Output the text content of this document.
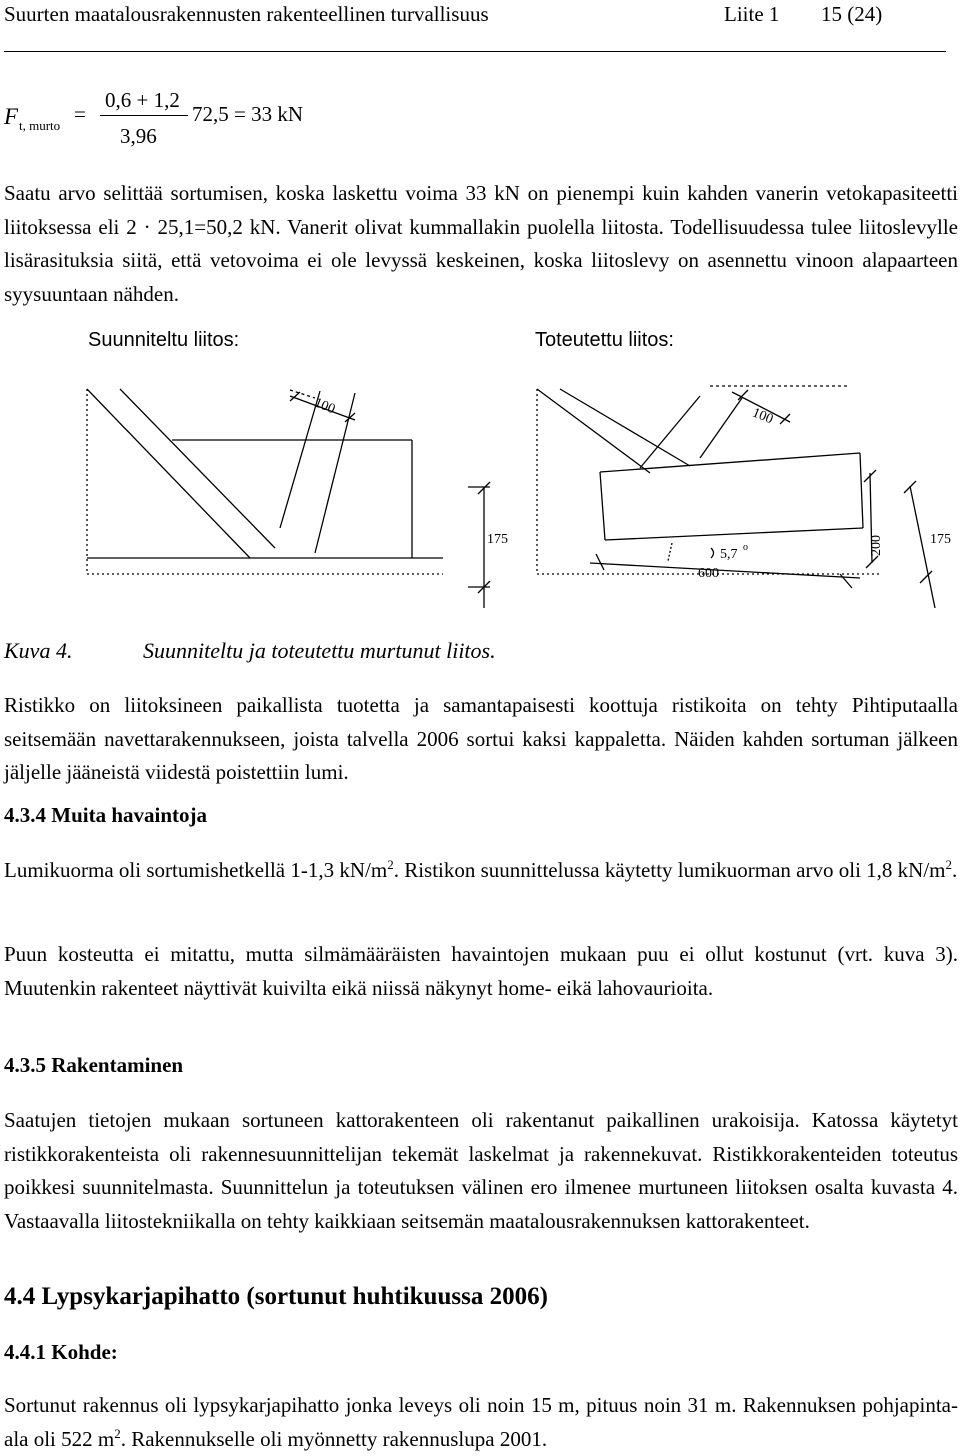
Suurten maatalousrakennusten rakenteellinen turvallisuus	Liite 1 15 (24)
F t, murto =
0,6 + 1,2
3,96
72,5 = 33 kN
Saatu arvo selittää sortumisen, koska laskettu voima 33 kN on pienempi kuin kahden vanerin vetokapasiteetti liitoksessa eli 2 · 25,1=50,2 kN. Vanerit olivat kummallakin puolella liitosta. Todellisuudessa tulee liitoslevylle lisärasituksia siitä, että vetovoima ei ole levyssä keskeinen, koska liitoslevy on asennettu vinoon alapaarteen syysuuntaan nähden.
Suunniteltu liitos:	Toteutettu liitos:
100	100
175	175
200
600
5,7 o
Kuva 4.	Suunniteltu ja toteutettu murtunut liitos.
Ristikko on liitoksineen paikallista tuotetta ja samantapaisesti koottuja ristikoita on tehty Pihtiputaalla seitsemään navettarakennukseen, joista talvella 2006 sortui kaksi kappaletta. Näiden kahden sortuman jälkeen jäljelle jääneistä viidestä poistettiin lumi.
4.3.4 Muita havaintoja
Lumikuorma oli sortumishetkellä 1-1,3 $kN/m^2$. Ristikon suunnittelussa käytetty lumikuorman arvo oli 1,8 $kN/m^2$.
Puun kosteutta ei mitattu, mutta silmämääräisten havaintojen mukaan puu ei ollut kostunut (vrt. kuva 3). Muutenkin rakenteet näyttivät kuivilta eikä niissä näkynyt home- eikä lahovaurioita.
4.3.5 Rakentaminen
Saatujen tietojen mukaan sortuneen kattorakenteen oli rakentanut paikallinen urakoisija. Katossa käytetyt ristikkorakenteista oli rakennesuunnittelijan tekemät laskelmat ja rakennekuvat. Ristikkorakenteiden toteutus poikkesi suunnitelmasta. Suunnittelun ja toteutuksen välinen ero ilmenee murtuneen liitoksen osalta kuvasta 4. Vastaavalla liitostekniikalla on tehty kaikkiaan seitsemän maatalousrakennuksen kattorakenteet.
4.4 Lypsykarjapihatto (sortunut huhtikuussa 2006)
4.4.1 Kohde:
Sortunut rakennus oli lypsykarjapihatto jonka leveys oli noin 15 m, pituus noin 31 m. Rakennuksen pohjapinta-ala oli 522 $m^2$. Rakennukselle oli myönnetty rakennuslupa 2001.
